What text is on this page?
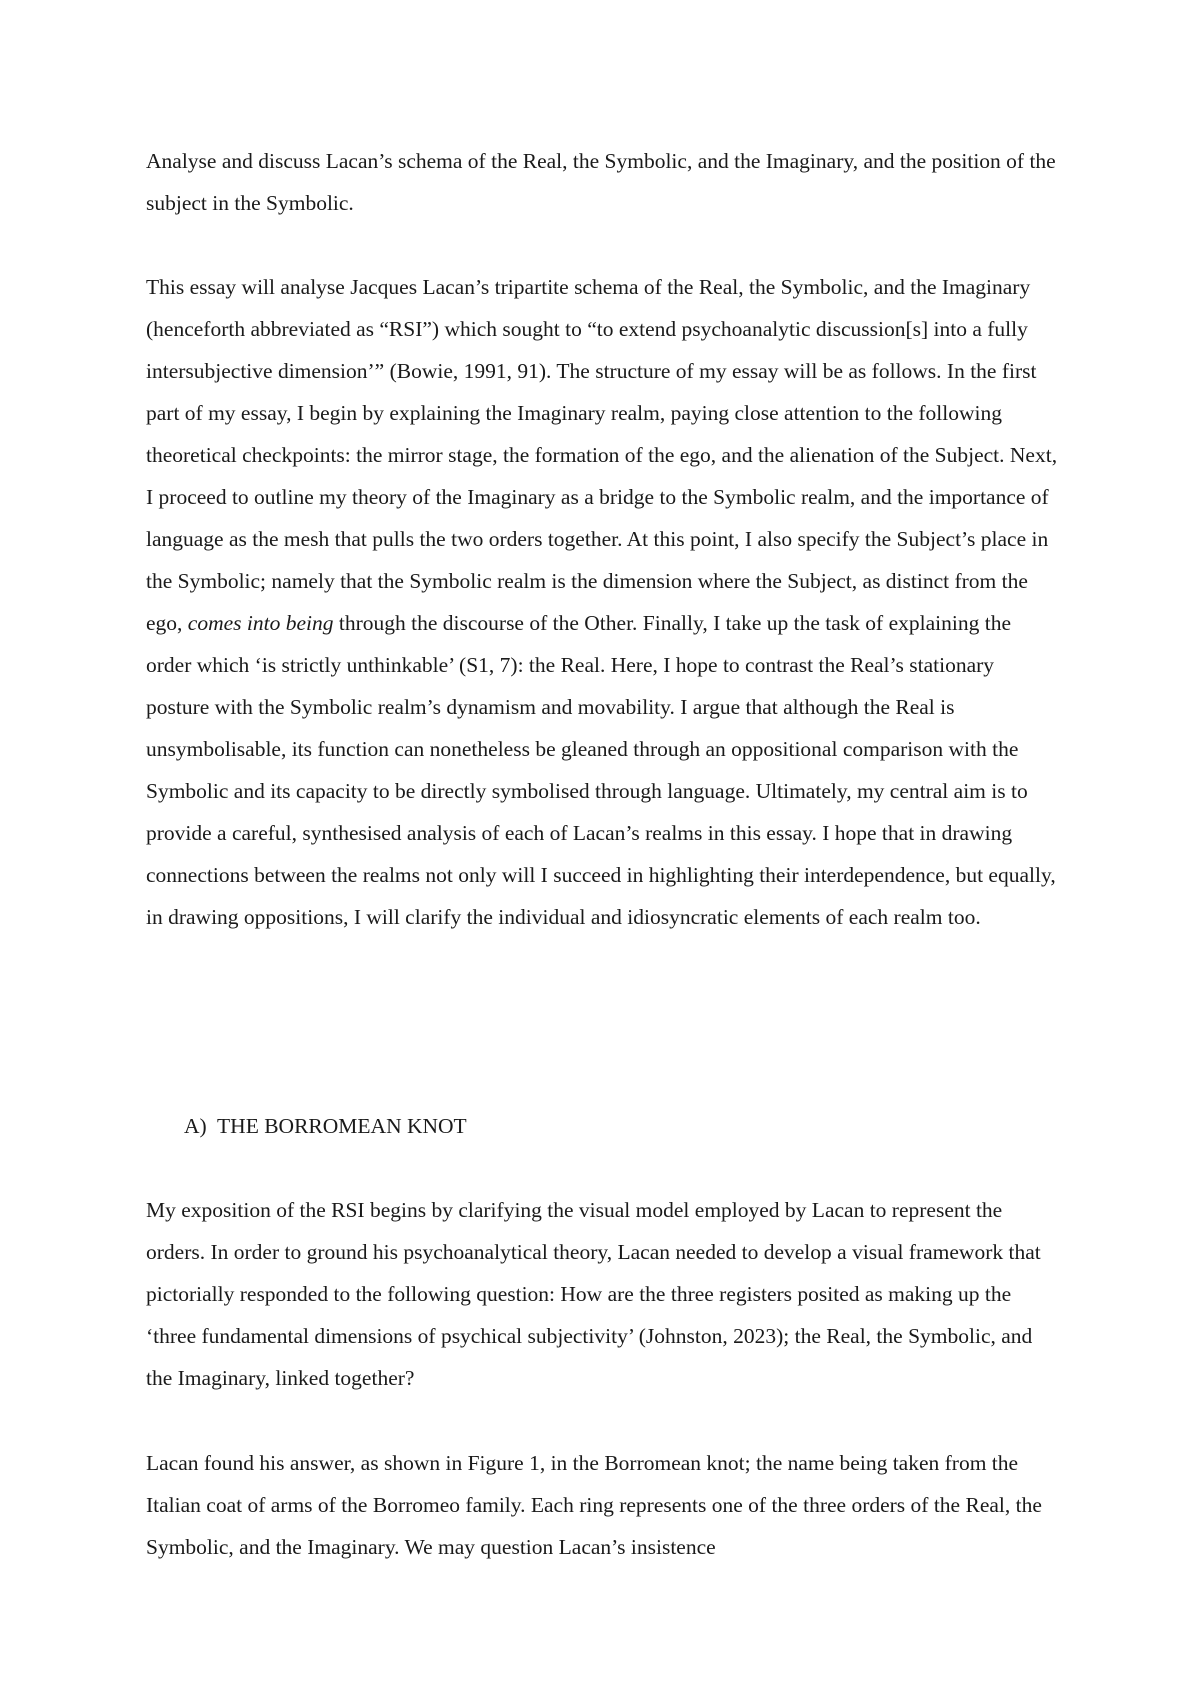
Analyse and discuss Lacan’s schema of the Real, the Symbolic, and the Imaginary, and the position of the subject in the Symbolic.

This essay will analyse Jacques Lacan’s tripartite schema of the Real, the Symbolic, and the Imaginary (henceforth abbreviated as “RSI”) which sought to “to extend psychoanalytic discussion[s] into a fully intersubjective dimension’” (Bowie, 1991, 91). The structure of my essay will be as follows. In the first part of my essay, I begin by explaining the Imaginary realm, paying close attention to the following theoretical checkpoints: the mirror stage, the formation of the ego, and the alienation of the Subject. Next, I proceed to outline my theory of the Imaginary as a bridge to the Symbolic realm, and the importance of language as the mesh that pulls the two orders together. At this point, I also specify the Subject’s place in the Symbolic; namely that the Symbolic realm is the dimension where the Subject, as distinct from the ego, comes into being through the discourse of the Other. Finally, I take up the task of explaining the order which ‘is strictly unthinkable’ (S1, 7): the Real. Here, I hope to contrast the Real’s stationary posture with the Symbolic realm’s dynamism and movability. I argue that although the Real is unsymbolisable, its function can nonetheless be gleaned through an oppositional comparison with the Symbolic and its capacity to be directly symbolised through language. Ultimately, my central aim is to provide a careful, synthesised analysis of each of Lacan’s realms in this essay. I hope that in drawing connections between the realms not only will I succeed in highlighting their interdependence, but equally, in drawing oppositions, I will clarify the individual and idiosyncratic elements of each realm too.

A)  THE BORROMEAN KNOT

My exposition of the RSI begins by clarifying the visual model employed by Lacan to represent the orders. In order to ground his psychoanalytical theory, Lacan needed to develop a visual framework that pictorially responded to the following question: How are the three registers posited as making up the ‘three fundamental dimensions of psychical subjectivity’ (Johnston, 2023); the Real, the Symbolic, and the Imaginary, linked together?

Lacan found his answer, as shown in Figure 1, in the Borromean knot; the name being taken from the Italian coat of arms of the Borromeo family. Each ring represents one of the three orders of the Real, the Symbolic, and the Imaginary. We may question Lacan’s insistence
